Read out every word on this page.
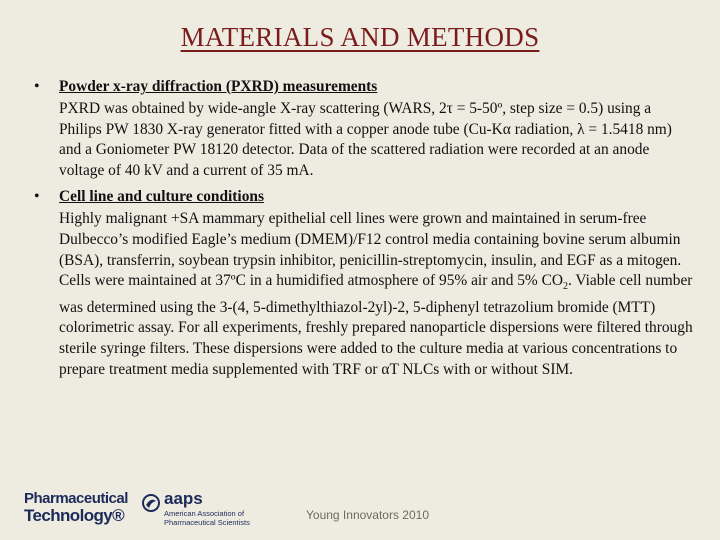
MATERIALS AND METHODS
• Powder x-ray diffraction (PXRD) measurements
PXRD was obtained by wide-angle X-ray scattering (WARS, 2τ = 5-50º, step size = 0.5) using a Philips PW 1830 X-ray generator fitted with a copper anode tube (Cu-Kα radiation, λ = 1.5418 nm) and a Goniometer PW 18120 detector. Data of the scattered radiation were recorded at an anode voltage of 40 kV and a current of 35 mA.
• Cell line and culture conditions
Highly malignant +SA mammary epithelial cell lines were grown and maintained in serum-free Dulbecco’s modified Eagle’s medium (DMEM)/F12 control media containing bovine serum albumin (BSA), transferrin, soybean trypsin inhibitor, penicillin-streptomycin, insulin, and EGF as a mitogen. Cells were maintained at 37ºC in a humidified atmosphere of 95% air and 5% $CO_2$. Viable cell number was determined using the 3-(4, 5-dimethylthiazol-2yl)-2, 5-diphenyl tetrazolium bromide (MTT) colorimetric assay. For all experiments, freshly prepared nanoparticle dispersions were filtered through sterile syringe filters. These dispersions were added to the culture media at various concentrations to prepare treatment media supplemented with TRF or αT NLCs with or without SIM.
Pharmaceutical
Technology®
aaps
American Association of
Pharmaceutical Scientists
Young Innovators 2010
